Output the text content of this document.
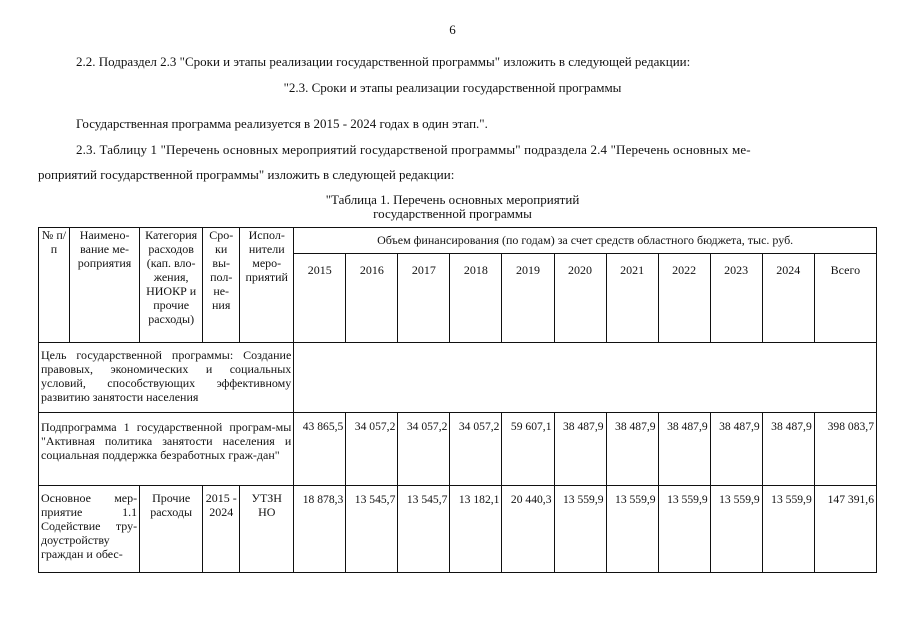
6
2.2. Подраздел 2.3 "Сроки и этапы реализации государственной программы" изложить в следующей редакции:
"2.3. Сроки и этапы реализации государственной программы
Государственная программа реализуется в 2015 - 2024 годах в один этап.".
2.3. Таблицу 1 "Перечень основных мероприятий государственой программы" подраздела 2.4 "Перечень основных ме-
роприятий государственной программы" изложить в следующей редакции:
"Таблица 1. Перечень основных мероприятий
государственной программы
№ п/п	Наимено-вание ме-роприятия	Категория расходов (кап. вло-жения, НИОКР и прочие расходы)	Сро-ки вы-пол-не-ния	Испол-нители меро-приятий	Объем финансирования (по годам) за счет средств областного бюджета, тыс. руб.										
					2015	2016	2017	2018	2019	2020	2021	2022	2023	2024	Всего
Цель государственной программы: Создание правовых, экономических и социальных условий, способствующих эффективному развитию занятости населения															
Подпрограмма 1 государственной програм-мы "Активная политика занятости населения и социальная поддержка безработных граж-дан"					43 865,5	34 057,2	34 057,2	34 057,2	59 607,1	38 487,9	38 487,9	38 487,9	38 487,9	38 487,9	398 083,7
Основное мер-приятие 1.1 Содействие тру-доустройству граждан и обес-		Прочие расходы	2015 - 2024	УТЗН НО	18 878,3	13 545,7	13 545,7	13 182,1	20 440,3	13 559,9	13 559,9	13 559,9	13 559,9	13 559,9	147 391,6
